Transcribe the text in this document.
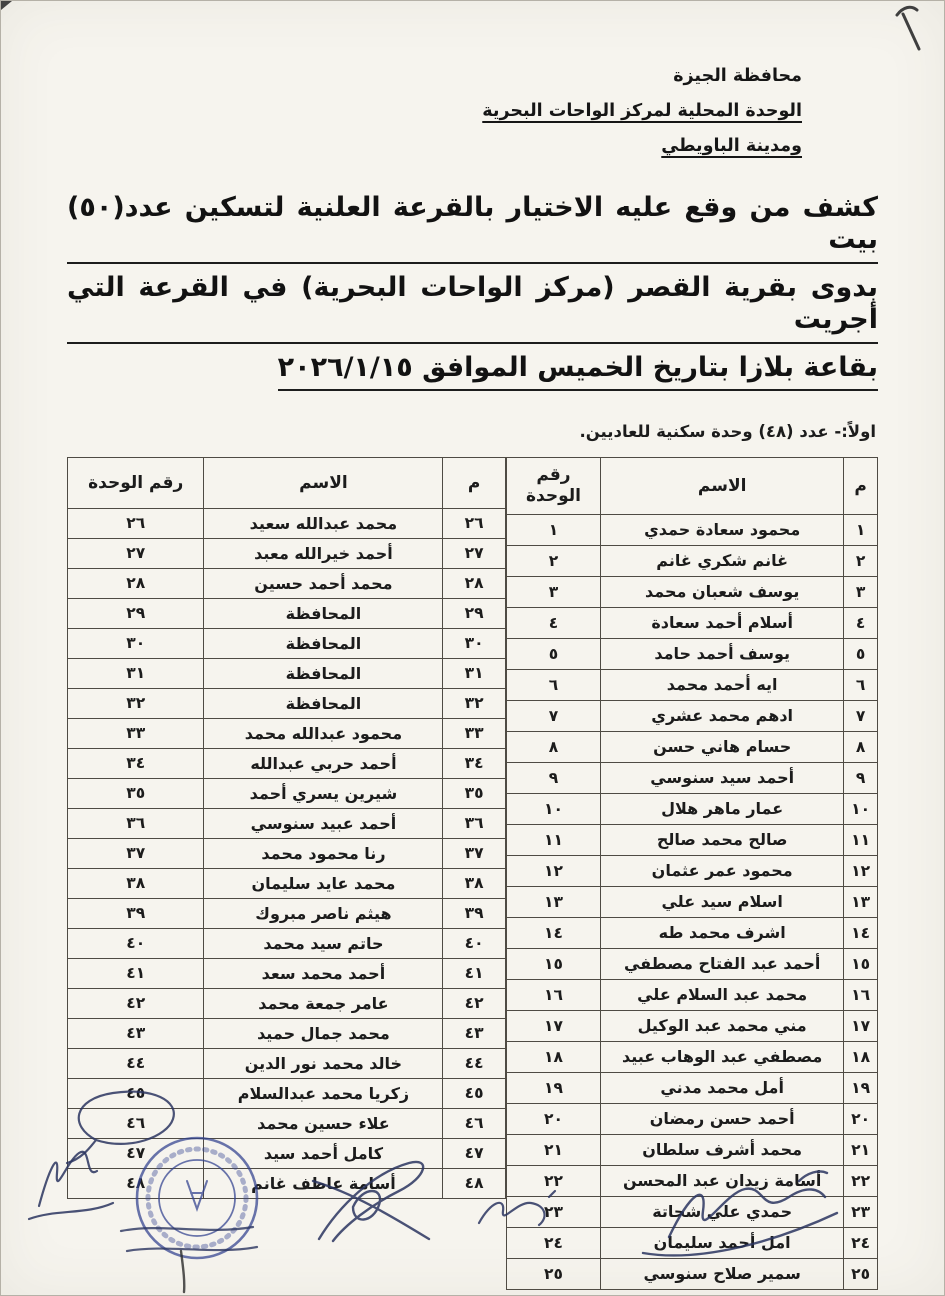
محافظة الجيزة
الوحدة المحلية لمركز الواحات البحرية
ومدينة الباويطي
كشف من وقع عليه الاختيار بالقرعة العلنية لتسكين عدد(٥٠) بيت
بدوى بقرية القصر (مركز الواحات البحرية) في القرعة التي أجريت
بقاعة بلازا بتاريخ الخميس الموافق ٢٠٢٦/١/١٥
اولاً:- عدد (٤٨) وحدة سكنية للعاديين.
م	الاسم	رقم الوحدة
١	محمود سعادة حمدي	١
٢	غانم شكري غانم	٢
٣	يوسف شعبان محمد	٣
٤	أسلام أحمد سعادة	٤
٥	يوسف أحمد حامد	٥
٦	ايه أحمد محمد	٦
٧	ادهم محمد عشري	٧
٨	حسام هاني حسن	٨
٩	أحمد سيد سنوسي	٩
١٠	عمار ماهر هلال	١٠
١١	صالح محمد صالح	١١
١٢	محمود عمر عثمان	١٢
١٣	اسلام سيد علي	١٣
١٤	اشرف محمد طه	١٤
١٥	أحمد عبد الفتاح مصطفي	١٥
١٦	محمد عبد السلام علي	١٦
١٧	مني محمد عبد الوكيل	١٧
١٨	مصطفي عبد الوهاب عبيد	١٨
١٩	أمل محمد مدني	١٩
٢٠	أحمد حسن رمضان	٢٠
٢١	محمد أشرف سلطان	٢١
٢٢	أسامة زيدان عبد المحسن	٢٢
٢٣	حمدي علي شحاتة	٢٣
٢٤	امل أحمد سليمان	٢٤
٢٥	سمير صلاح سنوسي	٢٥
م	الاسم	رقم الوحدة
٢٦	محمد عبدالله سعيد	٢٦
٢٧	أحمد خيرالله معبد	٢٧
٢٨	محمد أحمد حسين	٢٨
٢٩	المحافظة	٢٩
٣٠	المحافظة	٣٠
٣١	المحافظة	٣١
٣٢	المحافظة	٣٢
٣٣	محمود عبدالله محمد	٣٣
٣٤	أحمد حربي عبدالله	٣٤
٣٥	شيرين يسري أحمد	٣٥
٣٦	أحمد عبيد سنوسي	٣٦
٣٧	رنا محمود محمد	٣٧
٣٨	محمد عايد سليمان	٣٨
٣٩	هيثم ناصر مبروك	٣٩
٤٠	حاتم سيد محمد	٤٠
٤١	أحمد محمد سعد	٤١
٤٢	عامر جمعة محمد	٤٢
٤٣	محمد جمال حميد	٤٣
٤٤	خالد محمد نور الدين	٤٤
٤٥	زكريا محمد عبدالسلام	٤٥
٤٦	علاء حسين محمد	٤٦
٤٧	كامل أحمد سيد	٤٧
٤٨	أسامة عاطف غانم	٤٨
